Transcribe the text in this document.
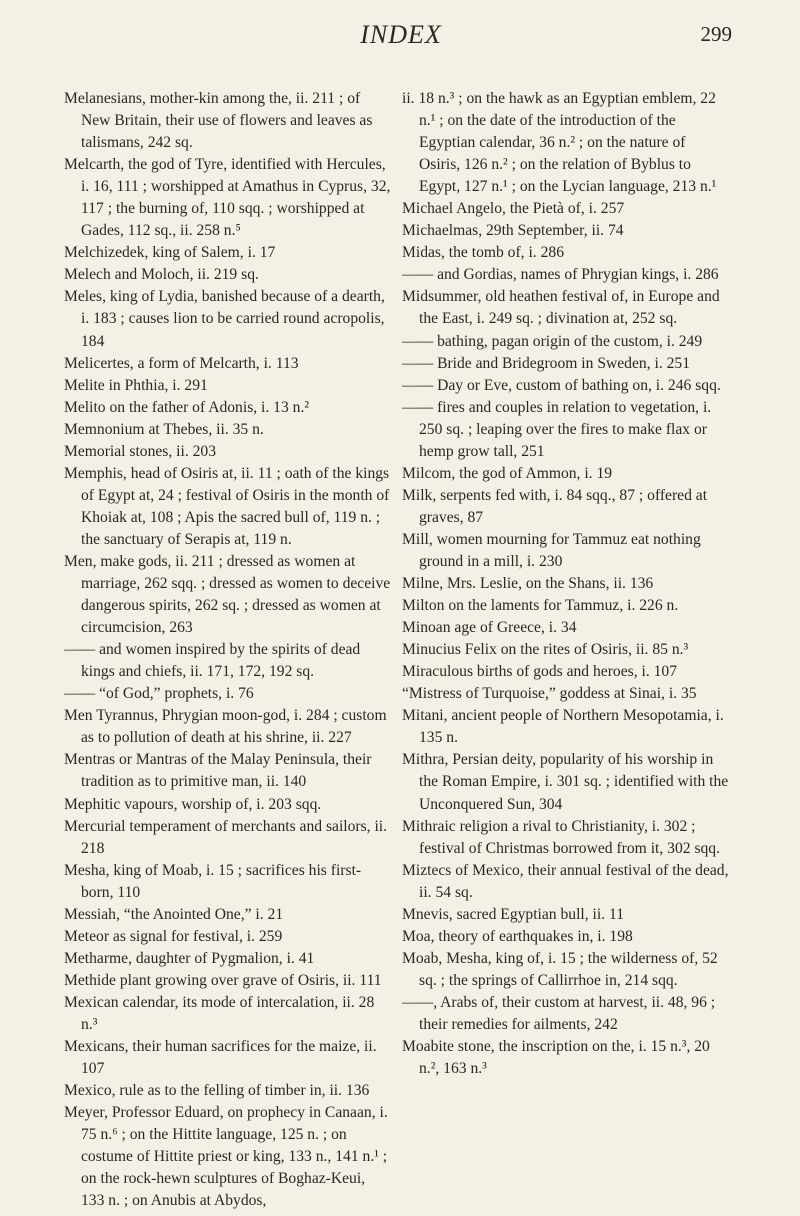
INDEX	299
Melanesians, mother-kin among the, ii. 211 ; of New Britain, their use of flowers and leaves as talismans, 242 sq.
Melcarth, the god of Tyre, identified with Hercules, i. 16, 111 ; worshipped at Amathus in Cyprus, 32, 117 ; the burning of, 110 sqq. ; worshipped at Gades, 112 sq., ii. 258 n.⁵
Melchizedek, king of Salem, i. 17
Melech and Moloch, ii. 219 sq.
Meles, king of Lydia, banished because of a dearth, i. 183 ; causes lion to be carried round acropolis, 184
Melicertes, a form of Melcarth, i. 113
Melite in Phthia, i. 291
Melito on the father of Adonis, i. 13 n.²
Memnonium at Thebes, ii. 35 n.
Memorial stones, ii. 203
Memphis, head of Osiris at, ii. 11 ; oath of the kings of Egypt at, 24 ; festival of Osiris in the month of Khoiak at, 108 ; Apis the sacred bull of, 119 n. ; the sanctuary of Serapis at, 119 n.
Men, make gods, ii. 211 ; dressed as women at marriage, 262 sqq. ; dressed as women to deceive dangerous spirits, 262 sq. ; dressed as women at circumcision, 263
—— and women inspired by the spirits of dead kings and chiefs, ii. 171, 172, 192 sq.
—— “of God,” prophets, i. 76
Men Tyrannus, Phrygian moon-god, i. 284 ; custom as to pollution of death at his shrine, ii. 227
Mentras or Mantras of the Malay Peninsula, their tradition as to primitive man, ii. 140
Mephitic vapours, worship of, i. 203 sqq.
Mercurial temperament of merchants and sailors, ii. 218
Mesha, king of Moab, i. 15 ; sacrifices his first-born, 110
Messiah, “the Anointed One,” i. 21
Meteor as signal for festival, i. 259
Metharme, daughter of Pygmalion, i. 41
Methide plant growing over grave of Osiris, ii. 111
Mexican calendar, its mode of intercalation, ii. 28 n.³
Mexicans, their human sacrifices for the maize, ii. 107
Mexico, rule as to the felling of timber in, ii. 136
Meyer, Professor Eduard, on prophecy in Canaan, i. 75 n.⁶ ; on the Hittite language, 125 n. ; on costume of Hittite priest or king, 133 n., 141 n.¹ ; on the rock-hewn sculptures of Boghaz-Keui, 133 n. ; on Anubis at Abydos,
ii. 18 n.³ ; on the hawk as an Egyptian emblem, 22 n.¹ ; on the date of the introduction of the Egyptian calendar, 36 n.² ; on the nature of Osiris, 126 n.² ; on the relation of Byblus to Egypt, 127 n.¹ ; on the Lycian language, 213 n.¹
Michael Angelo, the Pietà of, i. 257
Michaelmas, 29th September, ii. 74
Midas, the tomb of, i. 286
—— and Gordias, names of Phrygian kings, i. 286
Midsummer, old heathen festival of, in Europe and the East, i. 249 sq. ; divination at, 252 sq.
—— bathing, pagan origin of the custom, i. 249
—— Bride and Bridegroom in Sweden, i. 251
—— Day or Eve, custom of bathing on, i. 246 sqq.
—— fires and couples in relation to vegetation, i. 250 sq. ; leaping over the fires to make flax or hemp grow tall, 251
Milcom, the god of Ammon, i. 19
Milk, serpents fed with, i. 84 sqq., 87 ; offered at graves, 87
Mill, women mourning for Tammuz eat nothing ground in a mill, i. 230
Milne, Mrs. Leslie, on the Shans, ii. 136
Milton on the laments for Tammuz, i. 226 n.
Minoan age of Greece, i. 34
Minucius Felix on the rites of Osiris, ii. 85 n.³
Miraculous births of gods and heroes, i. 107
“Mistress of Turquoise,” goddess at Sinai, i. 35
Mitani, ancient people of Northern Mesopotamia, i. 135 n.
Mithra, Persian deity, popularity of his worship in the Roman Empire, i. 301 sq. ; identified with the Unconquered Sun, 304
Mithraic religion a rival to Christianity, i. 302 ; festival of Christmas borrowed from it, 302 sqq.
Miztecs of Mexico, their annual festival of the dead, ii. 54 sq.
Mnevis, sacred Egyptian bull, ii. 11
Moa, theory of earthquakes in, i. 198
Moab, Mesha, king of, i. 15 ; the wilderness of, 52 sq. ; the springs of Callirrhoe in, 214 sqq.
——, Arabs of, their custom at harvest, ii. 48, 96 ; their remedies for ailments, 242
Moabite stone, the inscription on the, i. 15 n.³, 20 n.², 163 n.³
